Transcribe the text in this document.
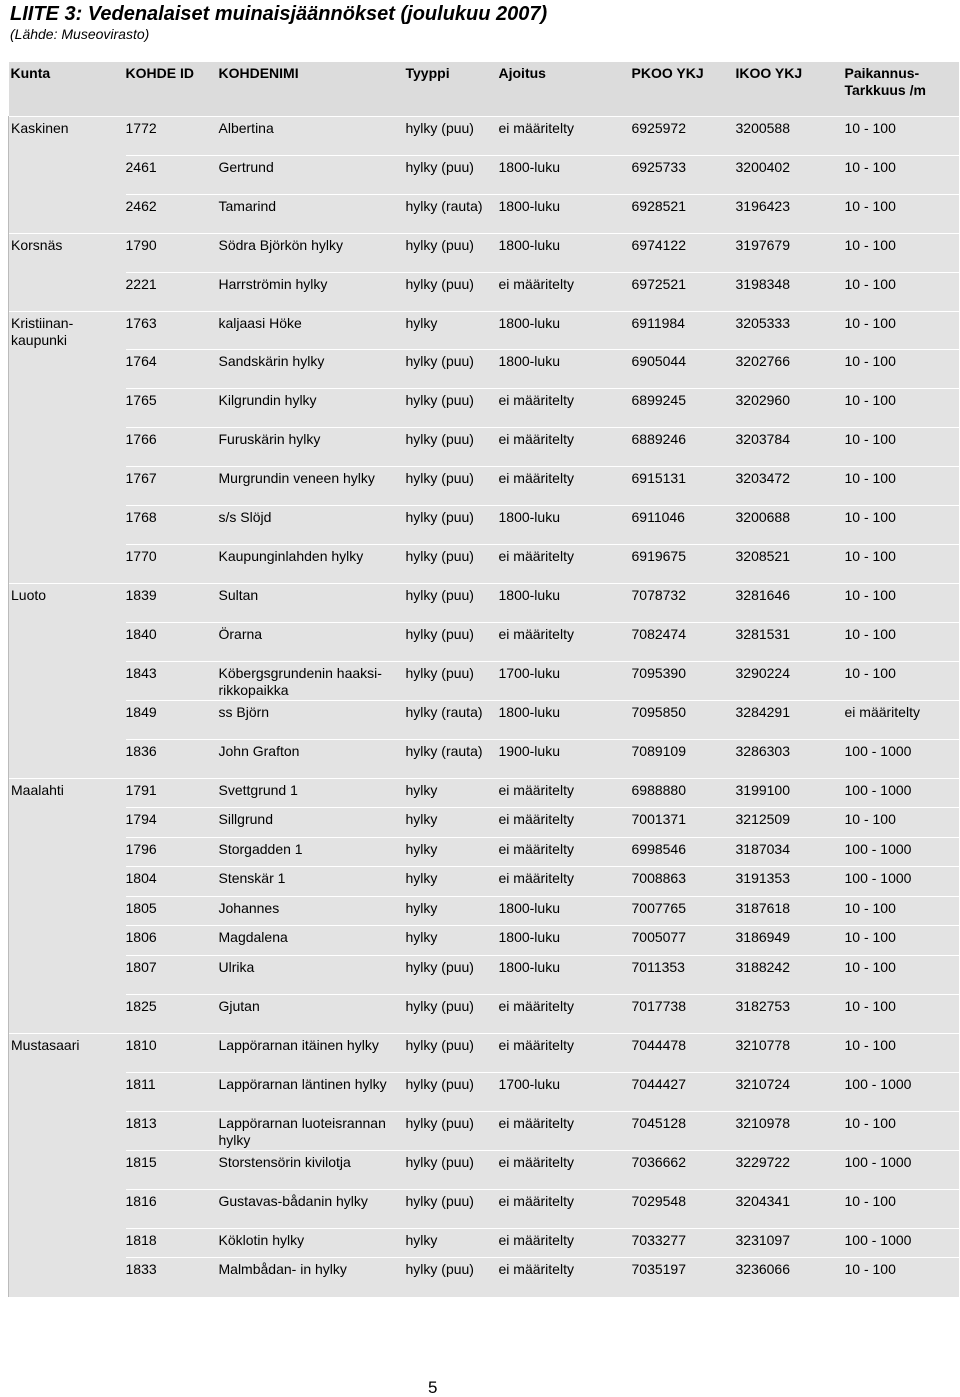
LIITE 3: Vedenalaiset muinaisjäännökset (joulukuu 2007)
(Lähde: Museovirasto)
Kunta	KOHDE ID	KOHDENIMI	Tyyppi	Ajoitus	PKOO YKJ	IKOO YKJ	Paikannus- Tarkkuus /m
Kaskinen	1772	Albertina	hylky (puu)	ei määritelty	6925972	3200588	10 - 100
	2461	Gertrund	hylky (puu)	1800-luku	6925733	3200402	10 - 100
	2462	Tamarind	hylky (rauta)	1800-luku	6928521	3196423	10 - 100
Korsnäs	1790	Södra Björkön hylky	hylky (puu)	1800-luku	6974122	3197679	10 - 100
	2221	Harrströmin hylky	hylky (puu)	ei määritelty	6972521	3198348	10 - 100
Kristiinan- kaupunki	1763	kaljaasi Höke	hylky	1800-luku	6911984	3205333	10 - 100
	1764	Sandskärin hylky	hylky (puu)	1800-luku	6905044	3202766	10 - 100
	1765	Kilgrundin hylky	hylky (puu)	ei määritelty	6899245	3202960	10 - 100
	1766	Furuskärin hylky	hylky (puu)	ei määritelty	6889246	3203784	10 - 100
	1767	Murgrundin veneen hylky	hylky (puu)	ei määritelty	6915131	3203472	10 - 100
	1768	s/s Slöjd	hylky (puu)	1800-luku	6911046	3200688	10 - 100
	1770	Kaupunginlahden hylky	hylky (puu)	ei määritelty	6919675	3208521	10 - 100
Luoto	1839	Sultan	hylky (puu)	1800-luku	7078732	3281646	10 - 100
	1840	Örarna	hylky (puu)	ei määritelty	7082474	3281531	10 - 100
	1843	Köbergsgrundenin haaksi-rikkopaikka	hylky (puu)	1700-luku	7095390	3290224	10 - 100
	1849	ss Björn	hylky (rauta)	1800-luku	7095850	3284291	ei määritelty
	1836	John Grafton	hylky (rauta)	1900-luku	7089109	3286303	100 - 1000
Maalahti	1791	Svettgrund 1	hylky	ei määritelty	6988880	3199100	100 - 1000
	1794	Sillgrund	hylky	ei määritelty	7001371	3212509	10 - 100
	1796	Storgadden 1	hylky	ei määritelty	6998546	3187034	100 - 1000
	1804	Stenskär 1	hylky	ei määritelty	7008863	3191353	100 - 1000
	1805	Johannes	hylky	1800-luku	7007765	3187618	10 - 100
	1806	Magdalena	hylky	1800-luku	7005077	3186949	10 - 100
	1807	Ulrika	hylky (puu)	1800-luku	7011353	3188242	10 - 100
	1825	Gjutan	hylky (puu)	ei määritelty	7017738	3182753	10 - 100
Mustasaari	1810	Lappörarnan itäinen hylky	hylky (puu)	ei määritelty	7044478	3210778	10 - 100
	1811	Lappörarnan läntinen hylky	hylky (puu)	1700-luku	7044427	3210724	100 - 1000
	1813	Lappörarnan luoteisrannan hylky	hylky (puu)	ei määritelty	7045128	3210978	10 - 100
	1815	Storstensörin kivilotja	hylky (puu)	ei määritelty	7036662	3229722	100 - 1000
	1816	Gustavas-bådanin hylky	hylky (puu)	ei määritelty	7029548	3204341	10 - 100
	1818	Köklotin hylky	hylky	ei määritelty	7033277	3231097	100 - 1000
	1833	Malmbådan- in hylky	hylky (puu)	ei määritelty	7035197	3236066	10 - 100
5
